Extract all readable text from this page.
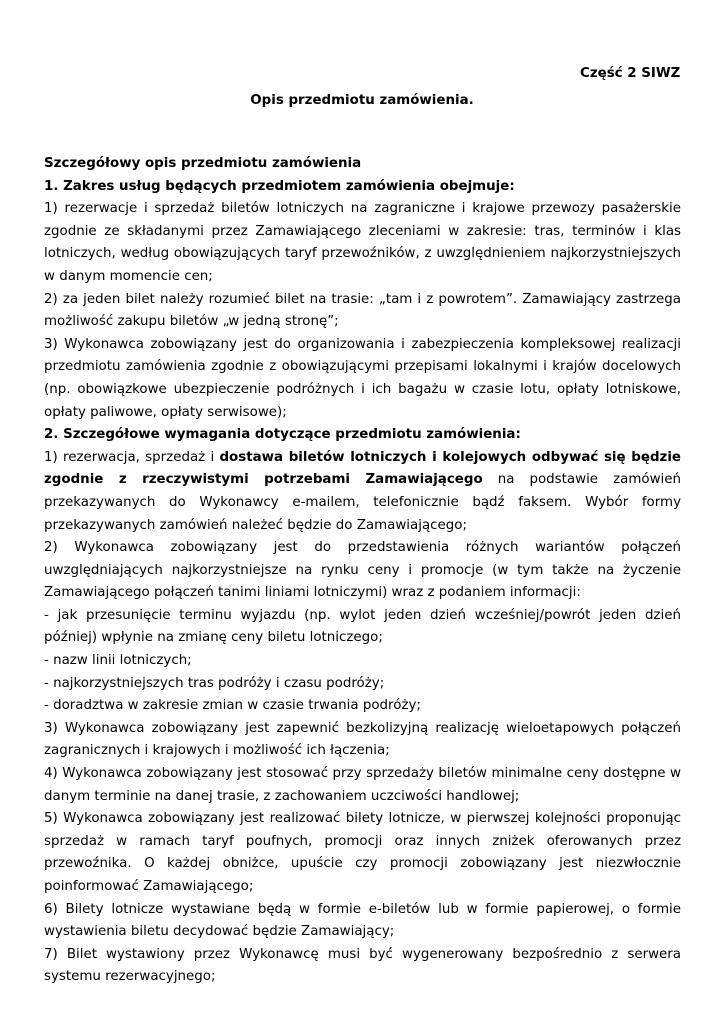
Część 2 SIWZ
Opis przedmiotu zamówienia.

Szczegółowy opis przedmiotu zamówienia

1. Zakres usług będących przedmiotem zamówienia obejmuje:

1) rezerwacje i sprzedaż biletów lotniczych na zagraniczne i krajowe przewozy pasażerskie zgodnie ze składanymi przez Zamawiającego zleceniami w zakresie: tras, terminów i klas lotniczych, według obowiązujących taryf przewoźników, z uwzględnieniem najkorzystniejszych w danym momencie cen;

2) za jeden bilet należy rozumieć bilet na trasie: „tam i z powrotem”. Zamawiający zastrzega możliwość zakupu biletów „w jedną stronę”;

3) Wykonawca zobowiązany jest do organizowania i zabezpieczenia kompleksowej realizacji przedmiotu zamówienia zgodnie z obowiązującymi przepisami lokalnymi i krajów docelowych (np. obowiązkowe ubezpieczenie podróżnych i ich bagażu w czasie lotu, opłaty lotniskowe, opłaty paliwowe, opłaty serwisowe);

2. Szczegółowe wymagania dotyczące przedmiotu zamówienia:

1) rezerwacja, sprzedaż i dostawa biletów lotniczych i kolejowych odbywać się będzie zgodnie z rzeczywistymi potrzebami Zamawiającego na podstawie zamówień przekazywanych do Wykonawcy e-mailem, telefonicznie bądź faksem. Wybór formy przekazywanych zamówień należeć będzie do Zamawiającego;

2) Wykonawca zobowiązany jest do przedstawienia różnych wariantów połączeń uwzględniających najkorzystniejsze na rynku ceny i promocje (w tym także na życzenie Zamawiającego połączeń tanimi liniami lotniczymi) wraz z podaniem informacji:

- jak przesunięcie terminu wyjazdu (np. wylot jeden dzień wcześniej/powrót jeden dzień później) wpłynie na zmianę ceny biletu lotniczego;

- nazw linii lotniczych;

- najkorzystniejszych tras podróży i czasu podróży;

- doradztwa w zakresie zmian w czasie trwania podróży;

3) Wykonawca zobowiązany jest zapewnić bezkolizyjną realizację wieloetapowych połączeń zagranicznych i krajowych i możliwość ich łączenia;

4) Wykonawca zobowiązany jest stosować przy sprzedaży biletów minimalne ceny dostępne w danym terminie na danej trasie, z zachowaniem uczciwości handlowej;

5) Wykonawca zobowiązany jest realizować bilety lotnicze, w pierwszej kolejności proponując sprzedaż w ramach taryf poufnych, promocji oraz innych zniżek oferowanych przez przewoźnika. O każdej obniżce, upuście czy promocji zobowiązany jest niezwłocznie poinformować Zamawiającego;

6) Bilety lotnicze wystawiane będą w formie e-biletów lub w formie papierowej, o formie wystawienia biletu decydować będzie Zamawiający;

7) Bilet wystawiony przez Wykonawcę musi być wygenerowany bezpośrednio z serwera systemu rezerwacyjnego;
